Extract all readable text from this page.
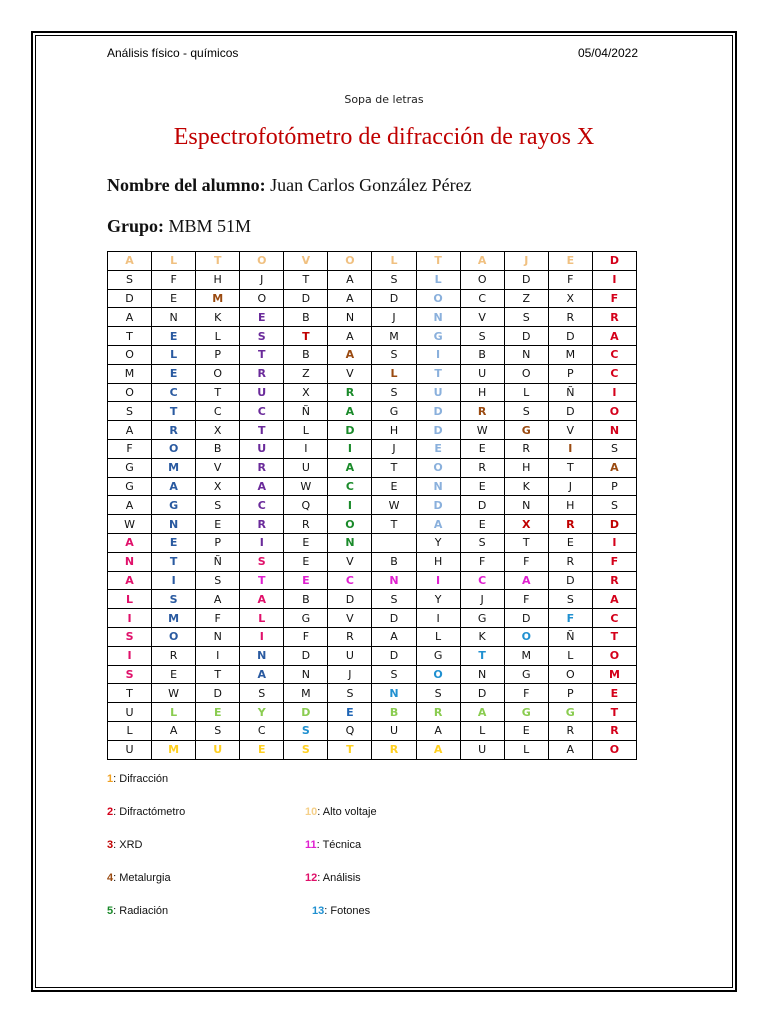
Análisis físico - químicos	05/04/2022
Sopa de letras
Espectrofotómetro de difracción de rayos X
Nombre del alumno: Juan Carlos González Pérez
Grupo: MBM 51M
A	L	T	O	V	O	L	T	A	J	E	D
S	F	H	J	T	A	S	L	O	D	F	I
D	E	M	O	D	A	D	O	C	Z	X	F
A	N	K	E	B	N	J	N	V	S	R	R
T	E	L	S	T	A	M	G	S	D	D	A
O	L	P	T	B	A	S	I	B	N	M	C
M	E	O	R	Z	V	L	T	U	O	P	C
O	C	T	U	X	R	S	U	H	L	Ñ	I
S	T	C	C	Ñ	A	G	D	R	S	D	O
A	R	X	T	L	D	H	D	W	G	V	N
F	O	B	U	I	I	J	E	E	R	I	S
G	M	V	R	U	A	T	O	R	H	T	A
G	A	X	A	W	C	E	N	E	K	J	P
A	G	S	C	Q	I	W	D	D	N	H	S
W	N	E	R	R	O	T	A	E	X	R	D
A	E	P	I	E	N		Y	S	T	E	I
N	T	Ñ	S	E	V	B	H	F	F	R	F
A	I	S	T	E	C	N	I	C	A	D	R
L	S	A	A	B	D	S	Y	J	F	S	A
I	M	F	L	G	V	D	I	G	D	F	C
S	O	N	I	F	R	A	L	K	O	Ñ	T
I	R	I	N	D	U	D	G	T	M	L	O
S	E	T	A	N	J	S	O	N	G	O	M
T	W	D	S	M	S	N	S	D	F	P	E
U	L	E	Y	D	E	B	R	A	G	G	T
L	A	S	C	S	Q	U	A	L	E	R	R
U	M	U	E	S	T	R	A	U	L	A	O
1: Difracción
2: Difractómetro
3: XRD
4: Metalurgia
5: Radiación
10: Alto voltaje
11: Técnica
12: Análisis
13: Fotones
